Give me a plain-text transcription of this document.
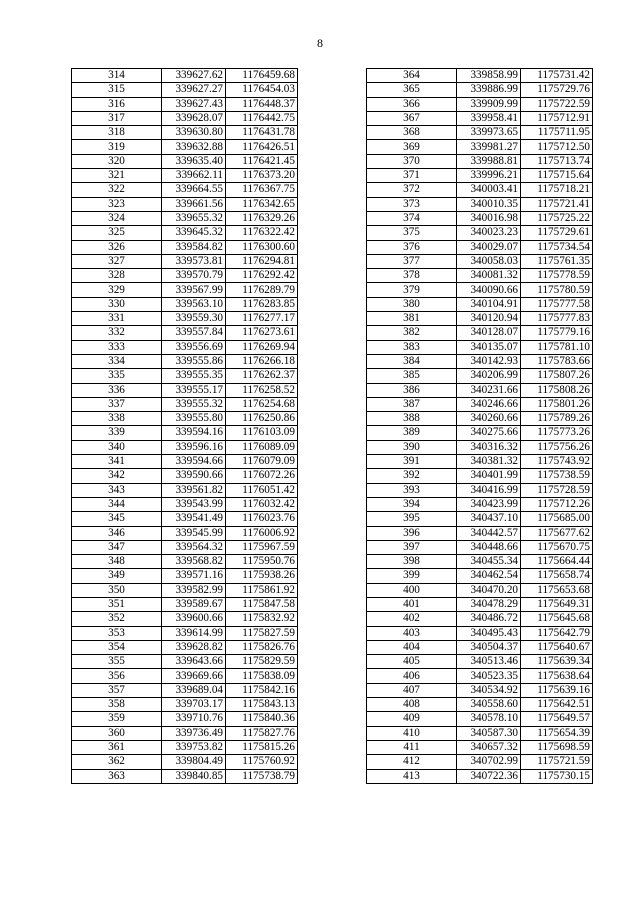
8
314	339627.62	1176459.68
315	339627.27	1176454.03
316	339627.43	1176448.37
317	339628.07	1176442.75
318	339630.80	1176431.78
319	339632.88	1176426.51
320	339635.40	1176421.45
321	339662.11	1176373.20
322	339664.55	1176367.75
323	339661.56	1176342.65
324	339655.32	1176329.26
325	339645.32	1176322.42
326	339584.82	1176300.60
327	339573.81	1176294.81
328	339570.79	1176292.42
329	339567.99	1176289.79
330	339563.10	1176283.85
331	339559.30	1176277.17
332	339557.84	1176273.61
333	339556.69	1176269.94
334	339555.86	1176266.18
335	339555.35	1176262.37
336	339555.17	1176258.52
337	339555.32	1176254.68
338	339555.80	1176250.86
339	339594.16	1176103.09
340	339596.16	1176089.09
341	339594.66	1176079.09
342	339590.66	1176072.26
343	339561.82	1176051.42
344	339543.99	1176032.42
345	339541.49	1176023.76
346	339545.99	1176006.92
347	339564.32	1175967.59
348	339568.82	1175950.76
349	339571.16	1175938.26
350	339582.99	1175861.92
351	339589.67	1175847.58
352	339600.66	1175832.92
353	339614.99	1175827.59
354	339628.82	1175826.76
355	339643.66	1175829.59
356	339669.66	1175838.09
357	339689.04	1175842.16
358	339703.17	1175843.13
359	339710.76	1175840.36
360	339736.49	1175827.76
361	339753.82	1175815.26
362	339804.49	1175760.92
363	339840.85	1175738.79
364	339858.99	1175731.42
365	339886.99	1175729.76
366	339909.99	1175722.59
367	339958.41	1175712.91
368	339973.65	1175711.95
369	339981.27	1175712.50
370	339988.81	1175713.74
371	339996.21	1175715.64
372	340003.41	1175718.21
373	340010.35	1175721.41
374	340016.98	1175725.22
375	340023.23	1175729.61
376	340029.07	1175734.54
377	340058.03	1175761.35
378	340081.32	1175778.59
379	340090.66	1175780.59
380	340104.91	1175777.58
381	340120.94	1175777.83
382	340128.07	1175779.16
383	340135.07	1175781.10
384	340142.93	1175783.66
385	340206.99	1175807.26
386	340231.66	1175808.26
387	340246.66	1175801.26
388	340260.66	1175789.26
389	340275.66	1175773.26
390	340316.32	1175756.26
391	340381.32	1175743.92
392	340401.99	1175738.59
393	340416.99	1175728.59
394	340423.99	1175712.26
395	340437.10	1175685.00
396	340442.57	1175677.62
397	340448.66	1175670.75
398	340455.34	1175664.44
399	340462.54	1175658.74
400	340470.20	1175653.68
401	340478.29	1175649.31
402	340486.72	1175645.68
403	340495.43	1175642.79
404	340504.37	1175640.67
405	340513.46	1175639.34
406	340523.35	1175638.64
407	340534.92	1175639.16
408	340558.60	1175642.51
409	340578.10	1175649.57
410	340587.30	1175654.39
411	340657.32	1175698.59
412	340702.99	1175721.59
413	340722.36	1175730.15
